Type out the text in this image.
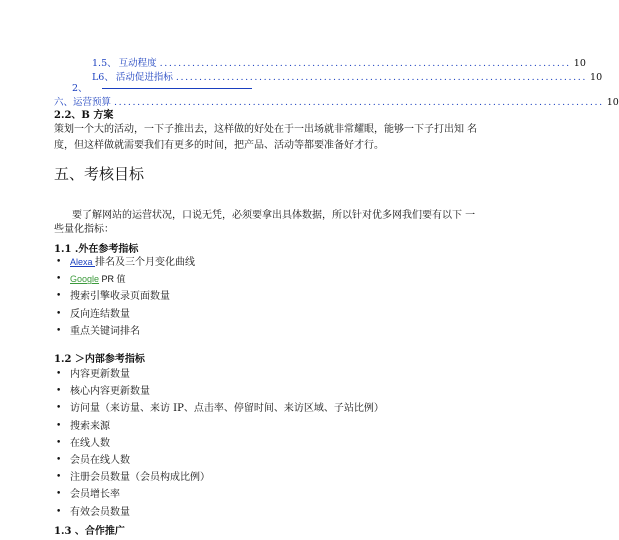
1.5、 互动程度 ......................................................................................... 10
L6、 活动促进指标 ......................................................................................... 10
2、
六、运营预算 .......................................................................................................... 10
2.2、B 方案
策划一个大的活动，一下子推出去，这样做的好处在于一出场就非常耀眼，能够一下子打出知 名
度，但这样做就需要我们有更多的时间，把产品、活动等都要准备好才行。
五、考核目标
要了解网站的运营状况，口说无凭，必须要拿出具体数据，所以针对优多网我们要有以下 一
些量化指标：
1.1 .外在参考指标
• Alexa 排名及三个月变化曲线
• Google PR 值
• 搜索引擎收录页面数量
• 反向连结数量
• 重点关键词排名
1.2 ＞内部参考指标
• 内容更新数量
• 核心内容更新数量
• 访问量（来访量、来访 IP、点击率、停留时间、来访区域、子站比例）
• 搜索来源
• 在线人数
• 会员在线人数
• 注册会员数量（会员构成比例）
• 会员增长率
• 有效会员数量
1.3 、合作推广
